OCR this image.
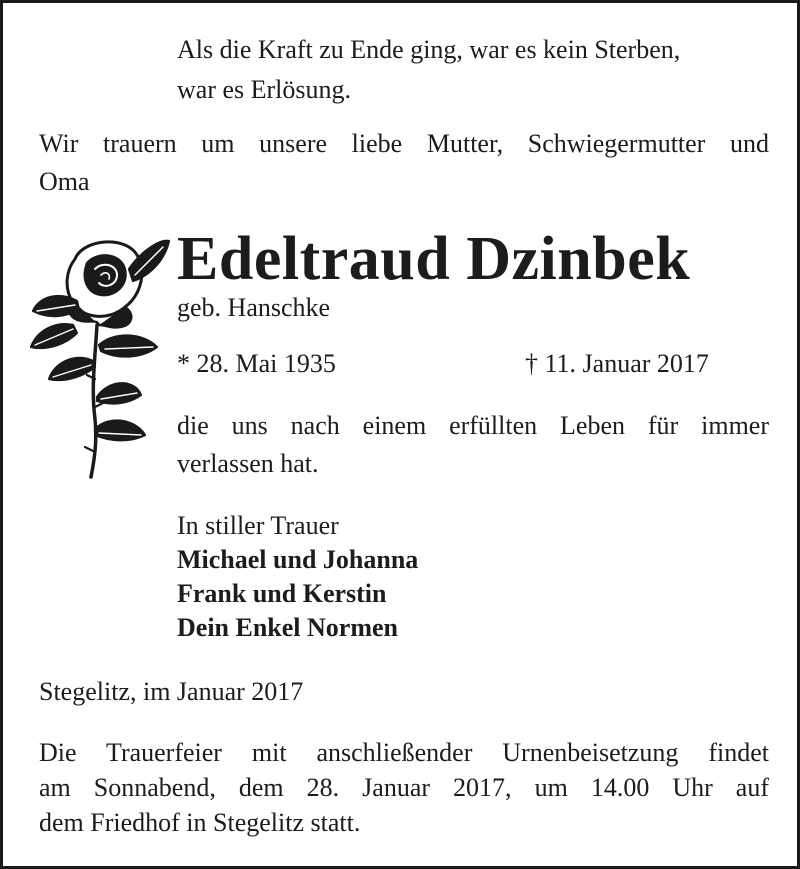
Als die Kraft zu Ende ging, war es kein Sterben,
war es Erlösung.
Wir trauern um unsere liebe Mutter, Schwiegermutter und
Oma
Edeltraud Dzinbek
geb. Hanschke
* 28. Mai 1935	† 11. Januar 2017
die uns nach einem erfüllten Leben für immer
verlassen hat.
In stiller Trauer
Michael und Johanna
Frank und Kerstin
Dein Enkel Normen
Stegelitz, im Januar 2017
Die Trauerfeier mit anschließender Urnenbeisetzung findet
am Sonnabend, dem 28. Januar 2017, um 14.00 Uhr auf
dem Friedhof in Stegelitz statt.
